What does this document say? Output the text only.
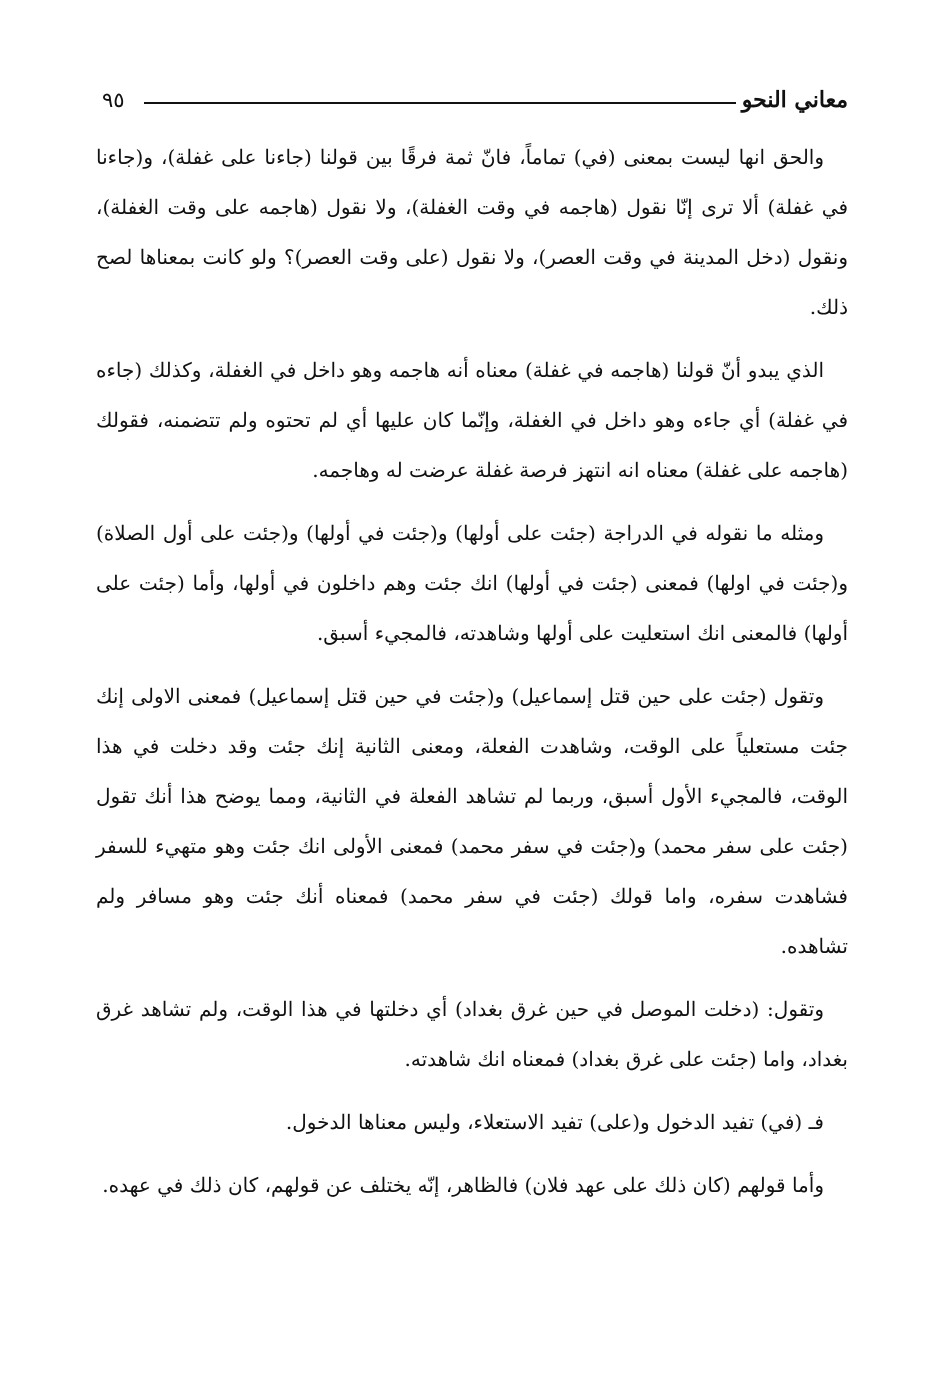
معاني النحو
٩٥

والحق انها ليست بمعنى (في) تماماً، فانّ ثمة فرقًا بين قولنا (جاءنا على غفلة)، و(جاءنا في غفلة) ألا ترى إنّا نقول (هاجمه في وقت الغفلة)، ولا نقول (هاجمه على وقت الغفلة)، ونقول (دخل المدينة في وقت العصر)، ولا نقول (على وقت العصر)؟ ولو كانت بمعناها لصح ذلك.

الذي يبدو أنّ قولنا (هاجمه في غفلة) معناه أنه هاجمه وهو داخل في الغفلة، وكذلك (جاءه في غفلة) أي جاءه وهو داخل في الغفلة، وإنّما كان عليها أي لم تحتوه ولم تتضمنه، فقولك (هاجمه على غفلة) معناه انه انتهز فرصة غفلة عرضت له وهاجمه.

ومثله ما نقوله في الدراجة (جئت على أولها) و(جئت في أولها) و(جئت على أول الصلاة) و(جئت في اولها) فمعنى (جئت في أولها) انك جئت وهم داخلون في أولها، وأما (جئت على أولها) فالمعنى انك استعليت على أولها وشاهدته، فالمجيء أسبق.

وتقول (جئت على حين قتل إسماعيل) و(جئت في حين قتل إسماعيل) فمعنى الاولى إنك جئت مستعلياً على الوقت، وشاهدت الفعلة، ومعنى الثانية إنك جئت وقد دخلت في هذا الوقت، فالمجيء الأول أسبق، وربما لم تشاهد الفعلة في الثانية، ومما يوضح هذا أنك تقول (جئت على سفر محمد) و(جئت في سفر محمد) فمعنى الأولى انك جئت وهو متهيء للسفر فشاهدت سفره، واما قولك (جئت في سفر محمد) فمعناه أنك جئت وهو مسافر ولم تشاهده.

وتقول: (دخلت الموصل في حين غرق بغداد) أي دخلتها في هذا الوقت، ولم تشاهد غرق بغداد، واما (جئت على غرق بغداد) فمعناه انك شاهدته.

فـ (في) تفيد الدخول و(على) تفيد الاستعلاء، وليس معناها الدخول.

وأما قولهم (كان ذلك على عهد فلان) فالظاهر، إنّه يختلف عن قولهم، كان ذلك في عهده.
